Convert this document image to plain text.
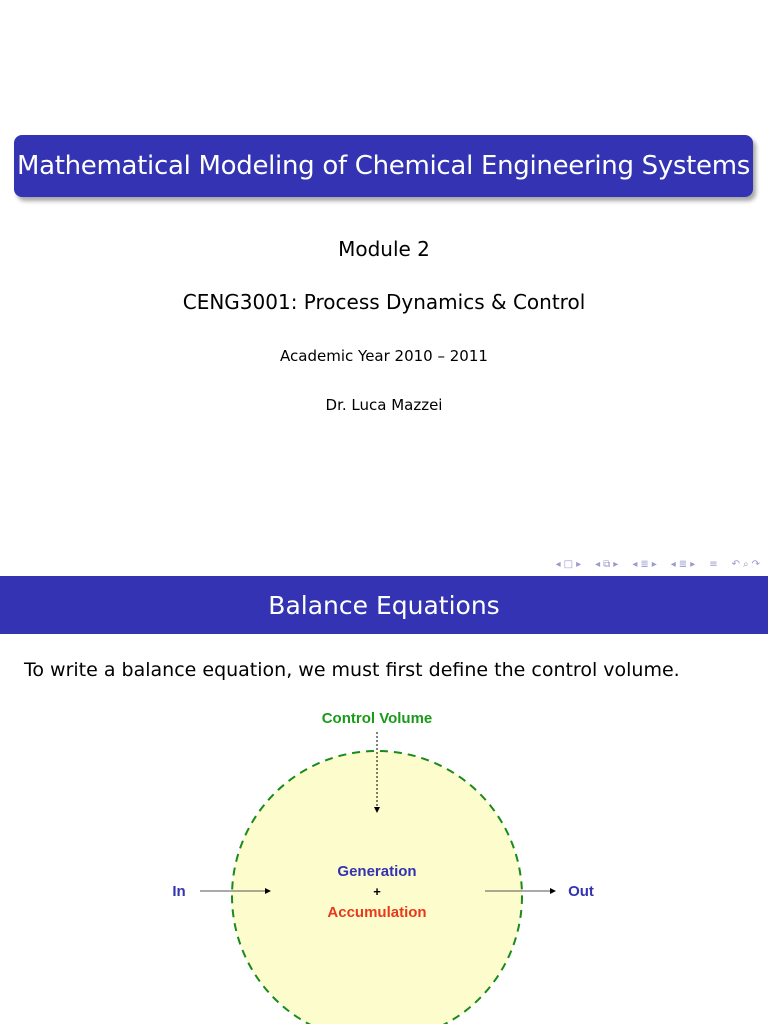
Mathematical Modeling of Chemical Engineering Systems
Module 2
CENG3001: Process Dynamics & Control
Academic Year 2010 – 2011
Dr. Luca Mazzei
◂ □ ▸ ◂ ⧉ ▸ ◂ ≣ ▸ ◂ ≣ ▸ ≡ ↶ ⌕ ↷
Balance Equations
To write a balance equation, we must first define the control volume.
Control Volume
Generation
+
Accumulation
In	Out
